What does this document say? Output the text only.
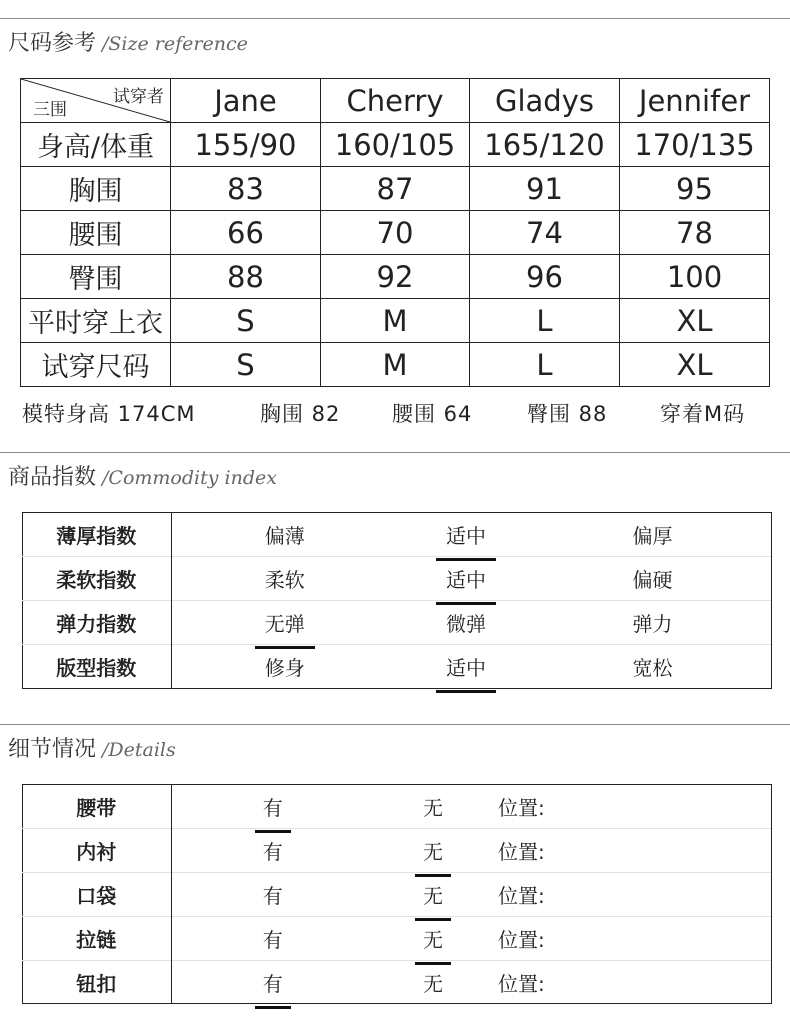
尺码参考 /Size reference
试穿者
三围	Jane	Cherry	Gladys	Jennifer
身高/体重	155/90	160/105	165/120	170/135
胸围	83	87	91	95
腰围	66	70	74	78
臀围	88	92	96	100
平时穿上衣	S	M	L	XL
试穿尺码	S	M	L	XL
模特身高 174CM	胸围 82 腰围 64	臀围 88	穿着M码
商品指数 /Commodity index
薄厚指数	偏薄	适中	偏厚
柔软指数	柔软	适中	偏硬
弹力指数	无弹	微弹	弹力
版型指数	修身	适中	宽松
细节情况 /Details
腰带	有	无	位置:
内衬	有	无	位置:
口袋	有	无	位置:
拉链	有	无	位置:
钮扣	有	无	位置:
